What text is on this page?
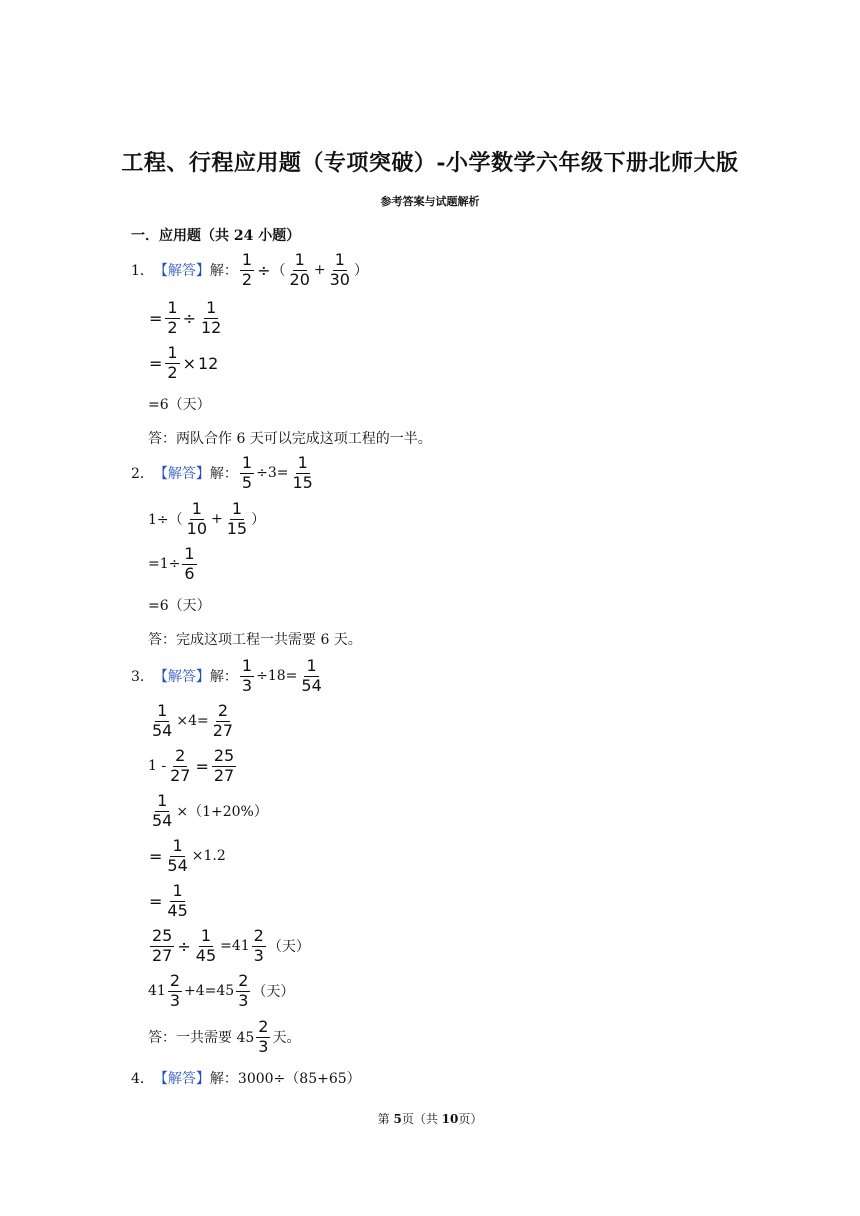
工程、行程应用题（专项突破）-小学数学六年级下册北师大版
参考答案与试题解析
一．应用题（共 24 小题）
1． 【解答】 解： $\frac{1}{2}$ ÷ （ $\frac{1}{20} + \frac{1}{30}$ ）
= $\frac{1}{2} \div \frac{1}{12}$
= $\frac{1}{2} \times 12$
=6（天）
答：两队合作 6 天可以完成这项工程的一半。
2． 【解答】 解： $\frac{1}{5} \div 3= \frac{1}{15}$
$1\div( \frac{1}{10} + \frac{1}{15}$ ）
$=1\div \frac{1}{6}$
=6（天）
答：完成这项工程一共需要 6 天。
3． 【解答】 解： $\frac{1}{3} \div 18= \frac{1}{54}$
$\frac{1}{54} \times 4= \frac{2}{27}$
$1 - \frac{2}{27} = \frac{25}{27}$
$\frac{1}{54} \times(1+20\%)$
= $\frac{1}{54} \times 1.2$
= $\frac{1}{45}$
$\frac{25}{27} \div \frac{1}{45} =41 \frac{2}{3}$ （天）
$41 \frac{2}{3} +4=45 \frac{2}{3}$ （天）
答：一共需要 $45 \frac{2}{3}$ 天。
4． 【解答】 解： 3000÷（85+65）
第 5页（共 10页）
